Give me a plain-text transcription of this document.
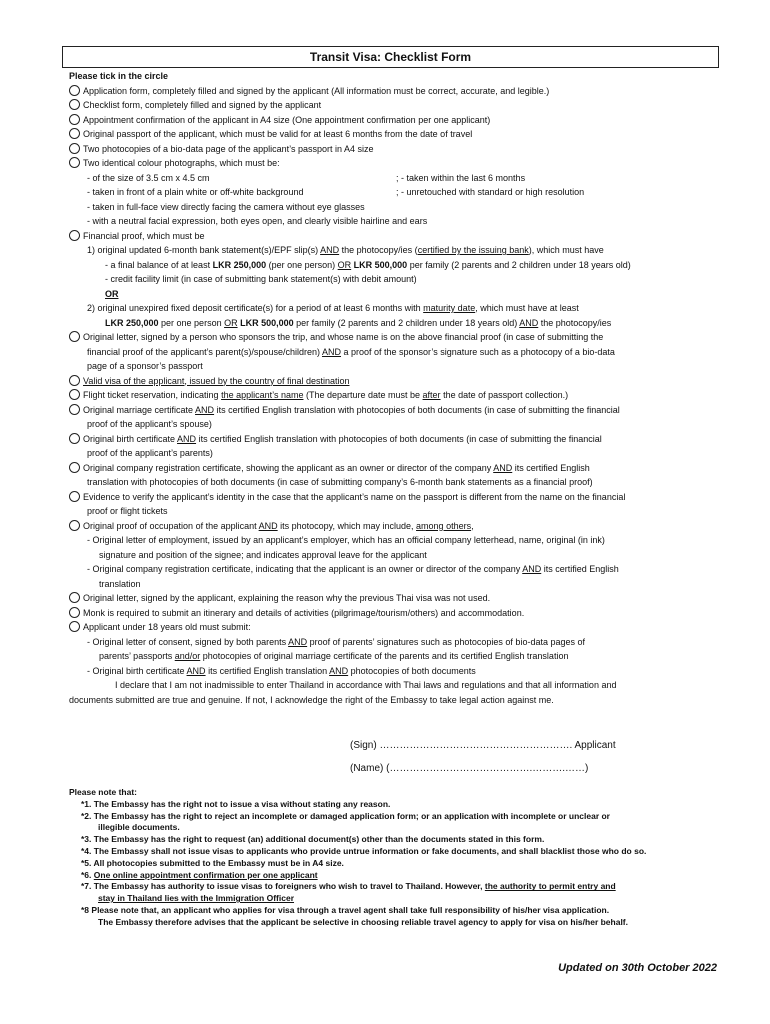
Transit Visa: Checklist Form
Please tick in the circle
Application form, completely filled and signed by the applicant (All information must be correct, accurate, and legible.)
Checklist form, completely filled and signed by the applicant
Appointment confirmation of the applicant in A4 size (One appointment confirmation per one applicant)
Original passport of the applicant, which must be valid for at least 6 months from the date of travel
Two photocopies of a bio-data page of the applicant’s passport in A4 size
Two identical colour photographs, which must be:
- of the size of 3.5 cm x 4.5 cm	; - taken within the last 6 months
- taken in front of a plain white or off-white background	; - unretouched with standard or high resolution
- taken in full-face view directly facing the camera without eye glasses
- with a neutral facial expression, both eyes open, and clearly visible hairline and ears
Financial proof, which must be
1) original updated 6-month bank statement(s)/EPF slip(s) AND the photocopy/ies (certified by the issuing bank), which must have
- a final balance of at least LKR 250,000 (per one person) OR LKR 500,000 per family (2 parents and 2 children under 18 years old)
- credit facility limit (in case of submitting bank statement(s) with debit amount)
OR
2) original unexpired fixed deposit certificate(s) for a period of at least 6 months with maturity date, which must have at least
LKR 250,000 per one person OR LKR 500,000 per family (2 parents and 2 children under 18 years old) AND the photocopy/ies
Original letter, signed by a person who sponsors the trip, and whose name is on the above financial proof (in case of submitting the
financial proof of the applicant’s parent(s)/spouse/children) AND a proof of the sponsor’s signature such as a photocopy of a bio-data
page of a sponsor’s passport
Valid visa of the applicant, issued by the country of final destination
Flight ticket reservation, indicating the applicant’s name (The departure date must be after the date of passport collection.)
Original marriage certificate AND its certified English translation with photocopies of both documents (in case of submitting the financial
proof of the applicant’s spouse)
Original birth certificate AND its certified English translation with photocopies of both documents (in case of submitting the financial
proof of the applicant’s parents)
Original company registration certificate, showing the applicant as an owner or director of the company AND its certified English
translation with photocopies of both documents (in case of submitting company’s 6-month bank statements as a financial proof)
Evidence to verify the applicant’s identity in the case that the applicant’s name on the passport is different from the name on the financial
proof or flight tickets
Original proof of occupation of the applicant AND its photocopy, which may include, among others,
- Original letter of employment, issued by an applicant’s employer, which has an official company letterhead, name, original (in ink)
signature and position of the signee; and indicates approval leave for the applicant
- Original company registration certificate, indicating that the applicant is an owner or director of the company AND its certified English
translation
Original letter, signed by the applicant, explaining the reason why the previous Thai visa was not used.
Monk is required to submit an itinerary and details of activities (pilgrimage/tourism/others) and accommodation.
Applicant under 18 years old must submit:
- Original letter of consent, signed by both parents AND proof of parents’ signatures such as photocopies of bio-data pages of
parents’ passports and/or photocopies of original marriage certificate of the parents and its certified English translation
- Original birth certificate AND its certified English translation AND photocopies of both documents
I declare that I am not inadmissible to enter Thailand in accordance with Thai laws and regulations and that all information and
documents submitted are true and genuine. If not, I acknowledge the right of the Embassy to take legal action against me.
(Sign) …………………………………………………. Applicant
(Name) (…………………………………….……….……)
Please note that:
*1. The Embassy has the right not to issue a visa without stating any reason.
*2. The Embassy has the right to reject an incomplete or damaged application form; or an application with incomplete or unclear or
illegible documents.
*3. The Embassy has the right to request (an) additional document(s) other than the documents stated in this form.
*4. The Embassy shall not issue visas to applicants who provide untrue information or fake documents, and shall blacklist those who do so.
*5. All photocopies submitted to the Embassy must be in A4 size.
*6. One online appointment confirmation per one applicant
*7. The Embassy has authority to issue visas to foreigners who wish to travel to Thailand. However, the authority to permit entry and
stay in Thailand lies with the Immigration Officer
*8 Please note that, an applicant who applies for visa through a travel agent shall take full responsibility of his/her visa application.
The Embassy therefore advises that the applicant be selective in choosing reliable travel agency to apply for visa on his/her behalf.
Updated on 30th October 2022
